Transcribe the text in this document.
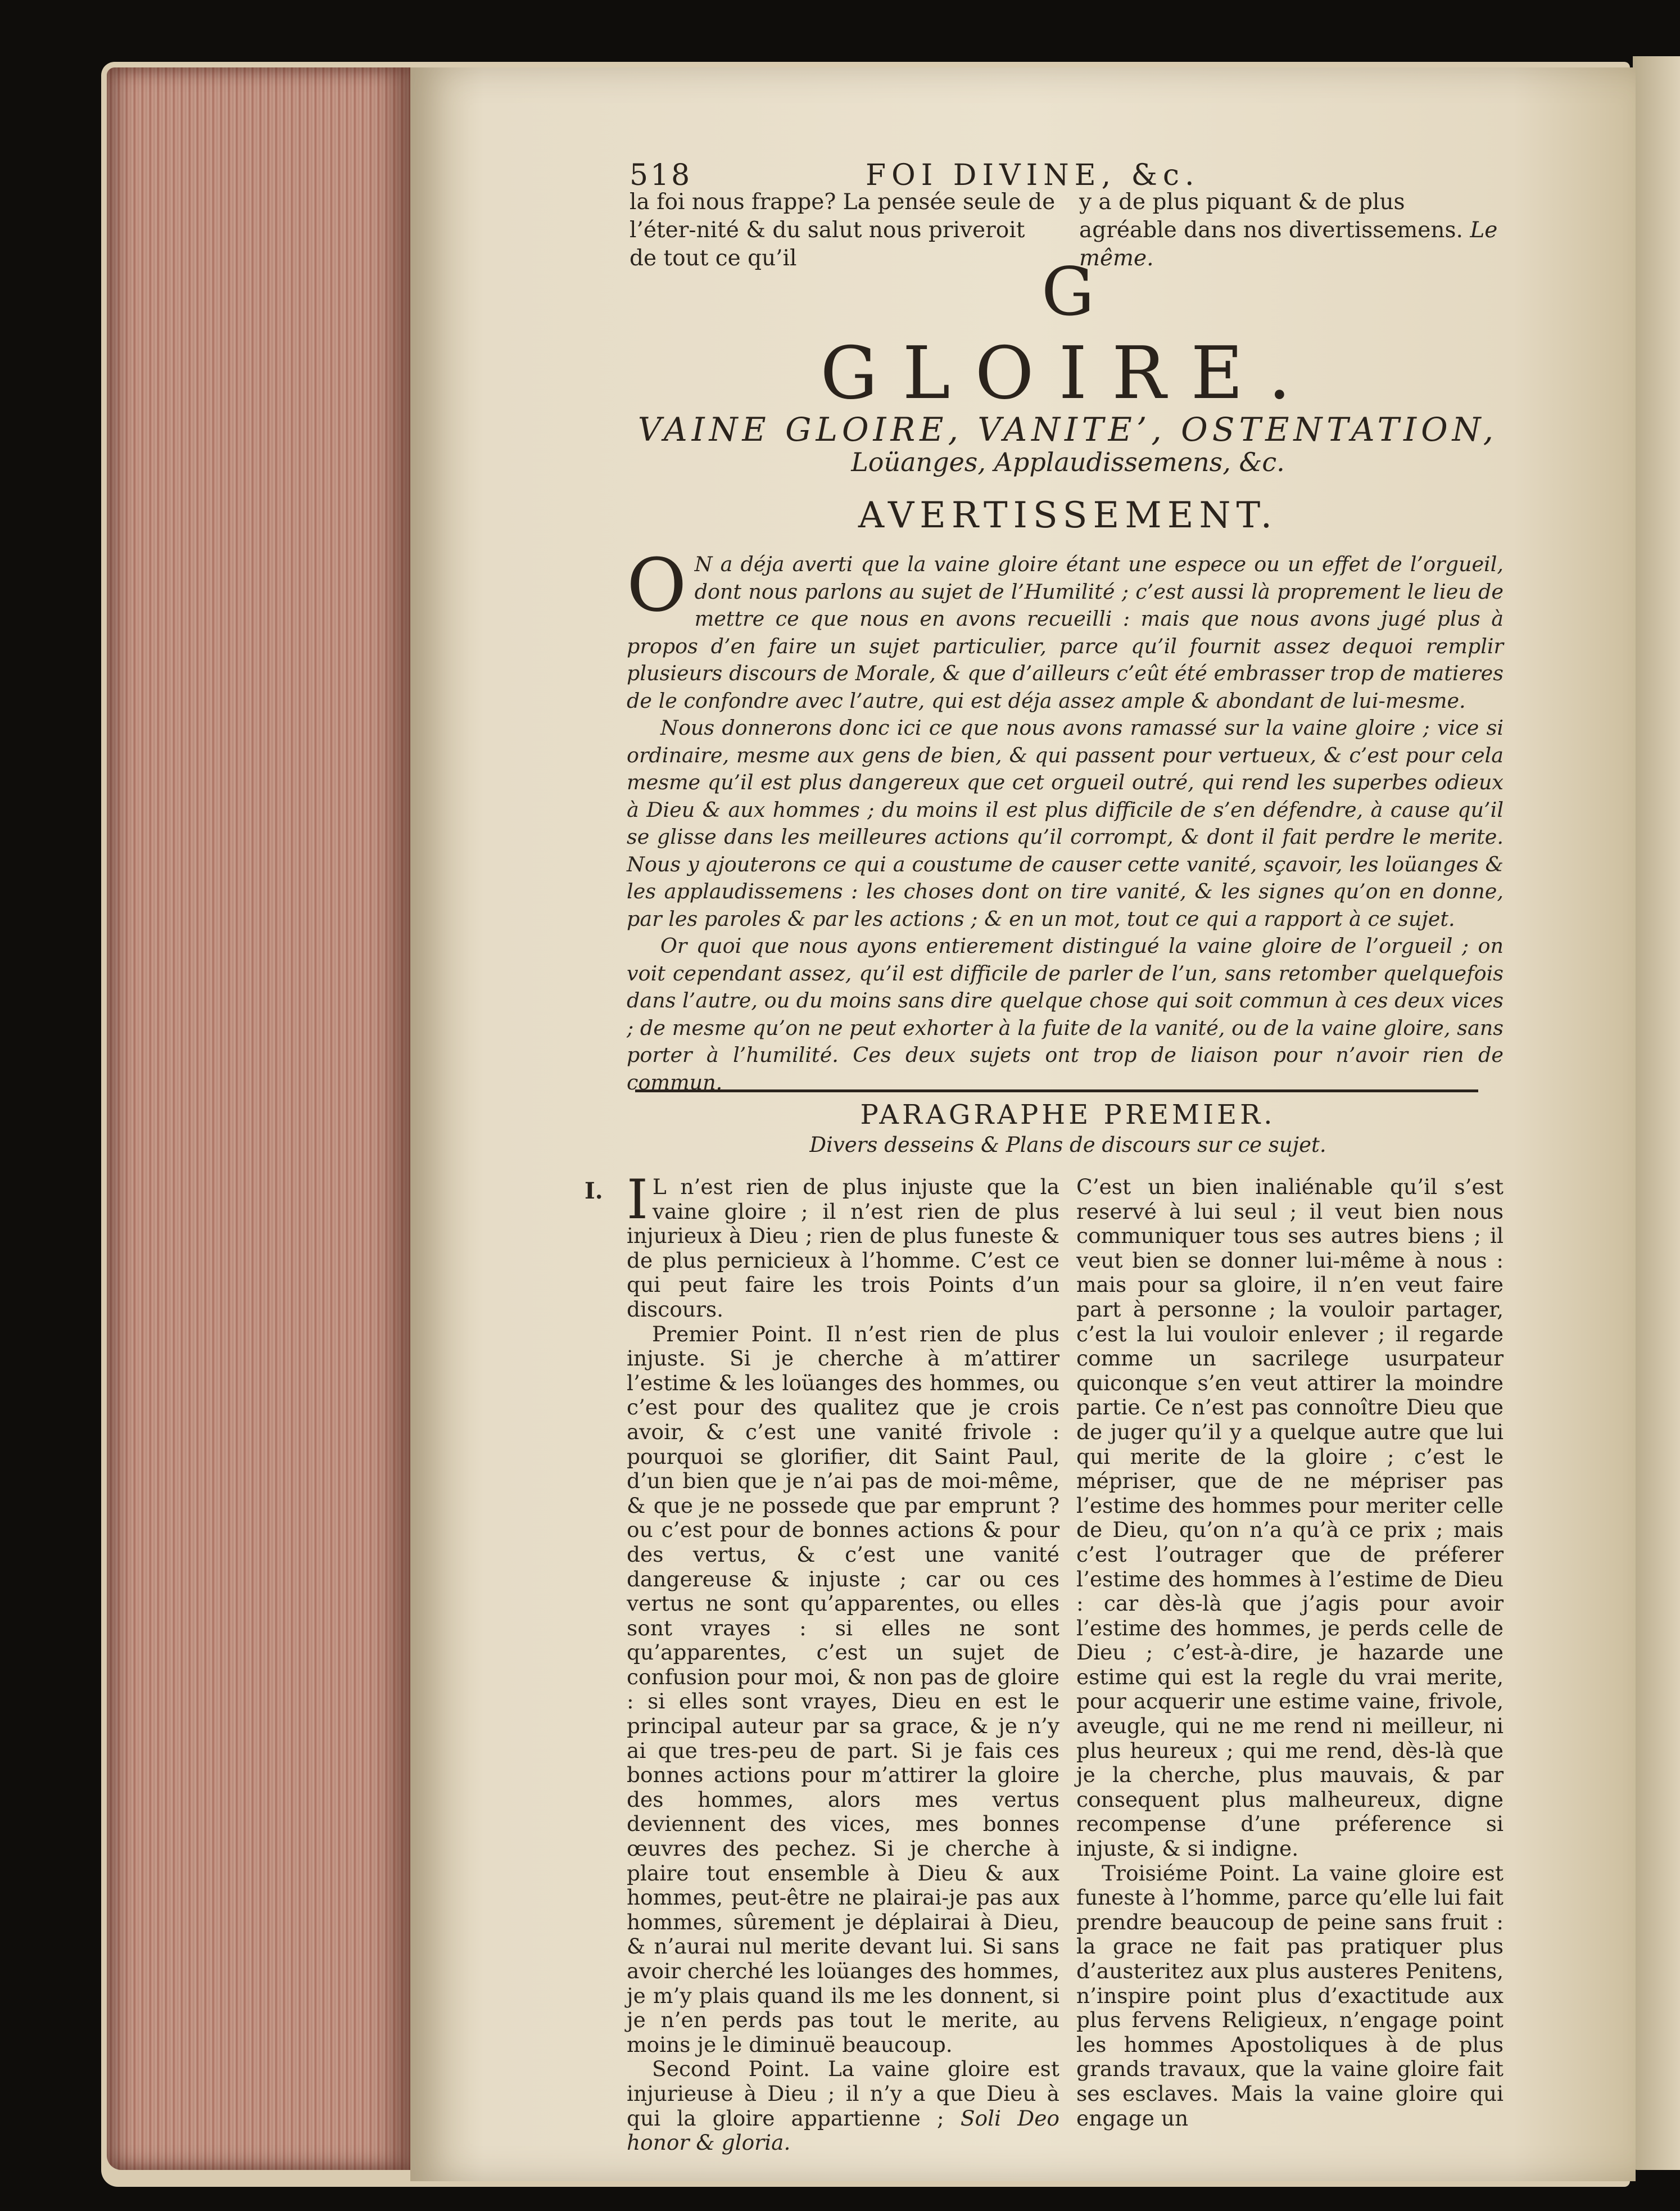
518	FOI DIVINE, &c.
la foi nous frappe? La pensée seule de l’éter-nité & du salut nous priveroit de tout ce qu’il
y a de plus piquant & de plus agréable dans nos divertissemens. Le même.
G
GLOIRE.
VAINE GLOIRE, VANITE’, OSTENTATION,
Loüanges, Applaudissemens, &c.
AVERTISSEMENT.

O N a déja averti que la vaine gloire étant une espece ou un effet de l’orgueil, dont nous parlons au sujet de l’Humilité ; c’est aussi là proprement le lieu de mettre ce que nous en avons recueilli : mais que nous avons jugé plus à propos d’en faire un sujet particulier, parce qu’il fournit assez dequoi remplir plusieurs discours de Morale, & que d’ailleurs c’eût été embrasser trop de matieres de le confondre avec l’autre, qui est déja assez ample & abondant de lui-mesme.

Nous donnerons donc ici ce que nous avons ramassé sur la vaine gloire ; vice si ordinaire, mesme aux gens de bien, & qui passent pour vertueux, & c’est pour cela mesme qu’il est plus dangereux que cet orgueil outré, qui rend les superbes odieux à Dieu & aux hommes ; du moins il est plus difficile de s’en défendre, à cause qu’il se glisse dans les meilleures actions qu’il corrompt, & dont il fait perdre le merite. Nous y ajouterons ce qui a coustume de causer cette vanité, sçavoir, les loüanges & les applaudissemens : les choses dont on tire vanité, & les signes qu’on en donne, par les paroles & par les actions ; & en un mot, tout ce qui a rapport à ce sujet.

Or quoi que nous ayons entierement distingué la vaine gloire de l’orgueil ; on voit cependant assez, qu’il est difficile de parler de l’un, sans retomber quelquefois dans l’autre, ou du moins sans dire quelque chose qui soit commun à ces deux vices ; de mesme qu’on ne peut exhorter à la fuite de la vanité, ou de la vaine gloire, sans porter à l’humilité. Ces deux sujets ont trop de liaison pour n’avoir rien de commun.

PARAGRAPHE PREMIER.
Divers desseins & Plans de discours sur ce sujet.
I. I L n’est rien de plus injuste que la vaine gloire ; il n’est rien de plus injurieux à Dieu ; rien de plus funeste & de plus pernicieux à l’homme. C’est ce qui peut faire les trois Points d’un discours.

Premier Point. Il n’est rien de plus injuste. Si je cherche à m’attirer l’estime & les loüanges des hommes, ou c’est pour des qualitez que je crois avoir, & c’est une vanité frivole : pourquoi se glorifier, dit Saint Paul, d’un bien que je n’ai pas de moi-même, & que je ne possede que par emprunt ? ou c’est pour de bonnes actions & pour des vertus, & c’est une vanité dangereuse & injuste ; car ou ces vertus ne sont qu’apparentes, ou elles sont vrayes : si elles ne sont qu’apparentes, c’est un sujet de confusion pour moi, & non pas de gloire : si elles sont vrayes, Dieu en est le principal auteur par sa grace, & je n’y ai que tres-peu de part. Si je fais ces bonnes actions pour m’attirer la gloire des hommes, alors mes vertus deviennent des vices, mes bonnes œuvres des pechez. Si je cherche à plaire tout ensemble à Dieu & aux hommes, peut-être ne plairai-je pas aux hommes, sûrement je déplairai à Dieu, & n’aurai nul merite devant lui. Si sans avoir cherché les loüanges des hommes, je m’y plais quand ils me les donnent, si je n’en perds pas tout le merite, au moins je le diminuë beaucoup.

Second Point. La vaine gloire est injurieuse à Dieu ; il n’y a que Dieu à qui la gloire appartienne ; Soli Deo honor & gloria.

C’est un bien inaliénable qu’il s’est reservé à lui seul ; il veut bien nous communiquer tous ses autres biens ; il veut bien se donner lui-même à nous : mais pour sa gloire, il n’en veut faire part à personne ; la vouloir partager, c’est la lui vouloir enlever ; il regarde comme un sacrilege usurpateur quiconque s’en veut attirer la moindre partie. Ce n’est pas connoître Dieu que de juger qu’il y a quelque autre que lui qui merite de la gloire ; c’est le mépriser, que de ne mépriser pas l’estime des hommes pour meriter celle de Dieu, qu’on n’a qu’à ce prix ; mais c’est l’outrager que de préferer l’estime des hommes à l’estime de Dieu : car dès-là que j’agis pour avoir l’estime des hommes, je perds celle de Dieu ; c’est-à-dire, je hazarde une estime qui est la regle du vrai merite, pour acquerir une estime vaine, frivole, aveugle, qui ne me rend ni meilleur, ni plus heureux ; qui me rend, dès-là que je la cherche, plus mauvais, & par consequent plus malheureux, digne recompense d’une préference si injuste, & si indigne.

Troisiéme Point. La vaine gloire est funeste à l’homme, parce qu’elle lui fait prendre beaucoup de peine sans fruit : la grace ne fait pas pratiquer plus d’austeritez aux plus austeres Penitens, n’inspire point plus d’exactitude aux plus fervens Religieux, n’engage point les hommes Apostoliques à de plus grands travaux, que la vaine gloire fait ses esclaves. Mais la vaine gloire qui engage un
